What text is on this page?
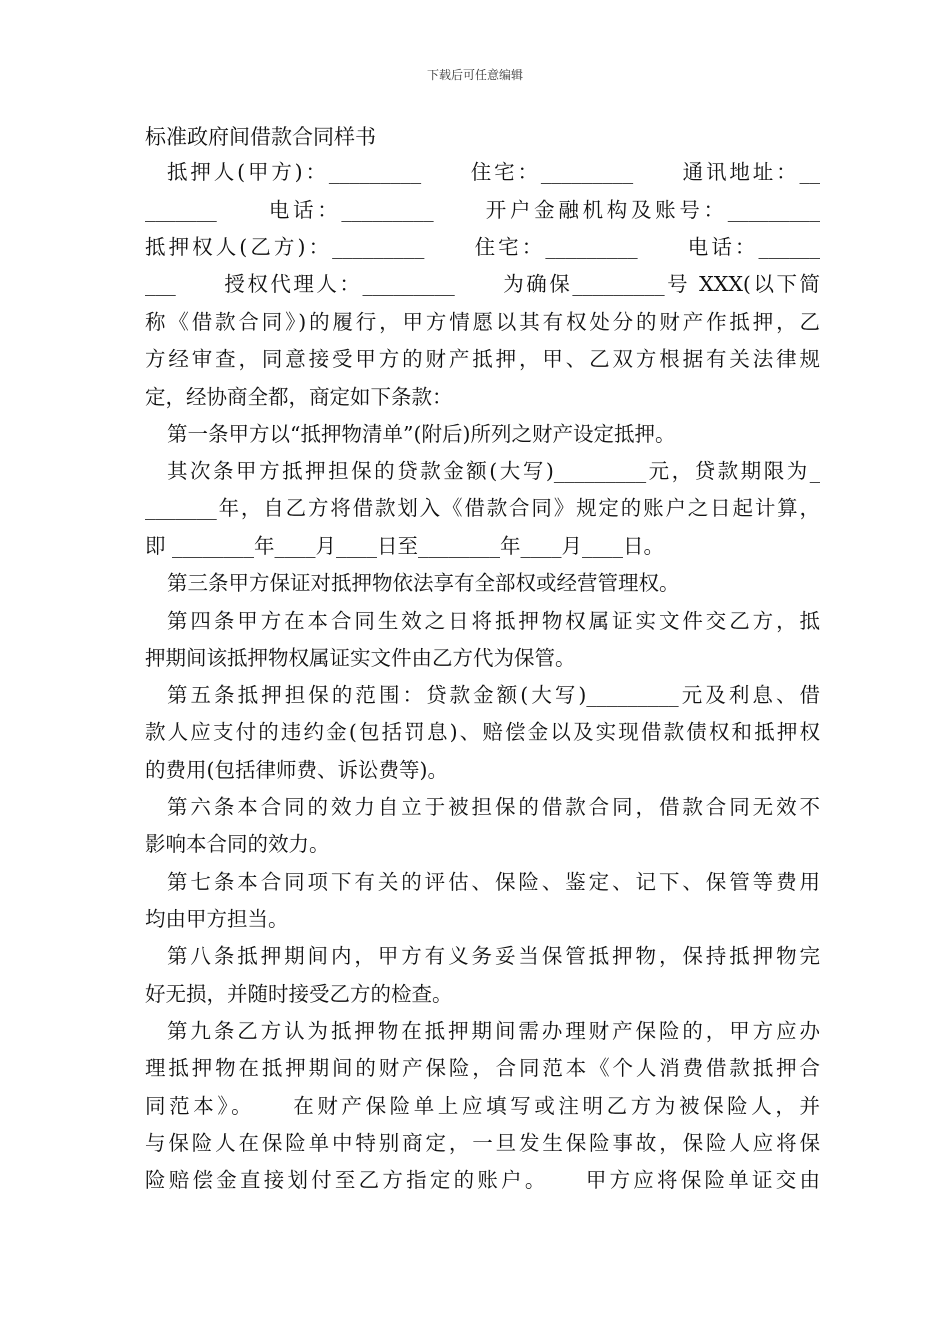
下载后可任意编辑
标准政府间借款合同样书
抵押人(甲方)：_________　　住宅：_________　　通讯地址：__
_______　　电话：_________　　开户金融机构及账号：_________
抵押权人(乙方)：_________　　住宅：_________　　电话：______
___　　授权代理人：_________　　为确保_________号 XXX(以下简
称《借款合同》)的履行，甲方情愿以其有权处分的财产作抵押，乙
方经审查，同意接受甲方的财产抵押，甲、乙双方根据有关法律规
定，经协商全都，商定如下条款：
第一条甲方以“抵押物清单”(附后)所列之财产设定抵押。
其次条甲方抵押担保的贷款金额(大写)_________元，贷款期限为_
_______年，自乙方将借款划入《借款合同》规定的账户之日起计算，
即 ________年____月____日至________年____月____日。
第三条甲方保证对抵押物依法享有全部权或经营管理权。
第四条甲方在本合同生效之日将抵押物权属证实文件交乙方，抵
押期间该抵押物权属证实文件由乙方代为保管。
第五条抵押担保的范围：贷款金额(大写)_________元及利息、借
款人应支付的违约金(包括罚息)、赔偿金以及实现借款债权和抵押权
的费用(包括律师费、诉讼费等)。
第六条本合同的效力自立于被担保的借款合同，借款合同无效不
影响本合同的效力。
第七条本合同项下有关的评估、保险、鉴定、记下、保管等费用
均由甲方担当。
第八条抵押期间内，甲方有义务妥当保管抵押物，保持抵押物完
好无损，并随时接受乙方的检查。
第九条乙方认为抵押物在抵押期间需办理财产保险的，甲方应办
理抵押物在抵押期间的财产保险，合同范本《个人消费借款抵押合
同范本》。　　在财产保险单上应填写或注明乙方为被保险人，并
与保险人在保险单中特别商定，一旦发生保险事故，保险人应将保
险赔偿金直接划付至乙方指定的账户。　　甲方应将保险单证交由
